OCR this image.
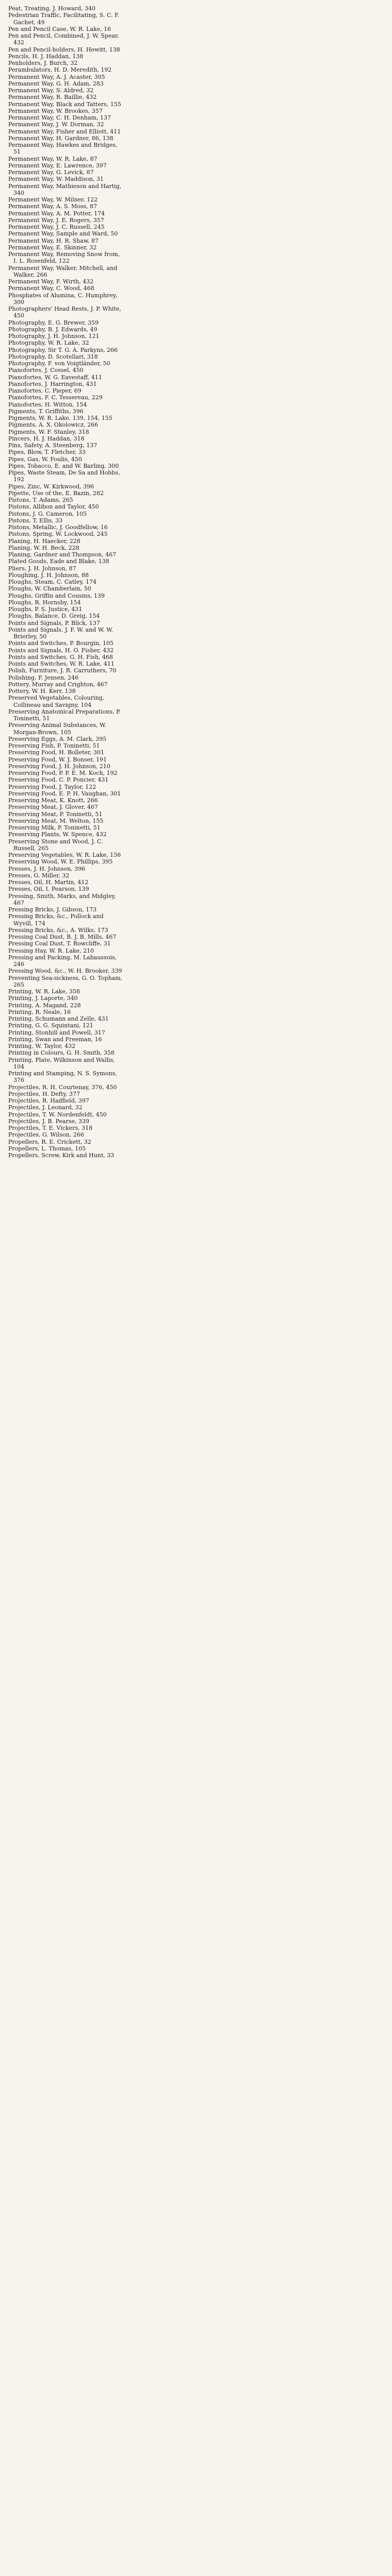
Peat, Treating, J. Howard, 340
Pedestrian Traffic, Facilitating, S. C. F. Gachet, 49
Pen and Pencil Case, W. R. Lake, 16
Pen and Pencil, Combined, J. W. Spear, 432
Pen and Pencil-holders, H. Hewitt, 138
Pencils, H. J. Haddan, 138
Penholders, J. Burch, 32
Perambulators, H. D. Meredith, 192
Permanent Way, A. J. Acaster, 305
Permanent Way, G. H. Adam, 283
Permanent Way, S. Aldred, 32
Permanent Way, R. Baillie, 432
Permanent Way, Black and Tatters, 155
Permanent Way, W. Brookes, 357
Permanent Way, C. H. Denham, 137
Permanent Way, J. W. Dorman, 32
Permanent Way, Fisher and Elliott, 411
Permanent Way, H. Gardner, 86, 138
Permanent Way, Hawkes and Bridges, 51
Permanent Way, W. R. Lake, 87
Permanent Way, E. Lawrence, 397
Permanent Way, G. Levick, 87
Permanent Way, W. Maddison, 31
Permanent Way, Mathieson and Hartig, 340
Permanent Way, W. Milner, 122
Permanent Way, A. S. Moss, 87
Permanent Way, A. M. Potter, 174
Permanent Way, J. E. Rogers, 357
Permanent Way, J. C. Russell, 245
Permanent Way, Sample and Ward, 50
Permanent Way, H. R. Shaw, 87
Permanent Way, E. Skinner, 32
Permanent Way, Removing Snow from, I. L. Rosenfeld, 122
Permanent Way, Walker, Mitchell, and Walker, 266
Permanent Way, F. Wirth, 432
Permanent Way, C. Wood, 468
Phosphates of Alumina, C. Humphrey, 300
Photographers' Head Rests, J. P. White, 450
Photography, E. G. Brewer, 359
Photography, B. J. Edwards, 49
Photography, J. H. Johnson, 121
Photography, W. R. Lake, 32
Photography, Sir T. G. A. Parkyns, 266
Photography, D. Scotellari, 318
Photography, F. von Voigtländer, 50
Pianofortes, J. Cossel, 450
Pianofortes, W. G. Eavestaff, 411
Pianofortes, J. Harrington, 431
Pianofortes, C. Pieper, 69
Pianofortes, F. C. Tessereau, 229
Pianofortes, H. Witton, 154
Pigments, T. Griffiths, 396
Pigments, W. R. Lake, 139, 154, 155
Pigments, A. X. Okolowicz, 266
Pigments, W. F. Stanley, 318
Pincers, H. J. Haddan, 318
Pins, Safety, A. Steenberg, 137
Pipes, Blow, T. Fletcher, 33
Pipes, Gas, W. Foulis, 450
Pipes, Tobacco, E. and W. Barling, 300
Pipes, Waste Steam, De Sa and Hobbs, 192
Pipes, Zinc, W. Kirkwood, 396
Pipette, Use of the, E. Bazin, 282
Pistons, T. Adams, 265
Pistons, Allibon and Taylor, 450
Pistons, J. G. Cameron, 105
Pistons, T. Ellis, 33
Pistons, Metallic, J. Goodfellow, 16
Pistons, Spring, W. Lockwood, 245
Planing, H. Haecker, 228
Planing, W. H. Beck, 228
Planing, Gardner and Thompson, 467
Plated Goods, Eade and Blake, 138
Pliers, J. H. Johnson, 87
Ploughing, J. H. Johnson, 88
Ploughs, Steam, C. Catley, 174
Ploughs, W. Chamberlain, 50
Ploughs, Griffin and Cousins, 139
Ploughs, R. Hornsby, 154
Ploughs, P. S. Justice, 431
Ploughs, Balance, D. Greig, 154
Points and Signals, P. Blick, 137
Points and Signals, J. F. W. and W. W. Brierley, 50
Points and Switches, P. Bourgin, 105
Points and Signals, H. O. Fisher, 432
Points and Switches, G. H. Fish, 468
Points and Switches, W. R. Lake, 411
Polish, Furniture, J. R. Carruthers, 70
Polishing, F. Jensen, 246
Pottery, Murray and Crighton, 467
Pottery, W. H. Kerr, 138
Preserved Vegetables, Colouring, Collineau and Savigny, 104
Preserving Anatomical Preparations, P. Toninetti, 51
Preserving Animal Substances, W. Morgan-Brown, 105
Preserving Eggs, A. M. Clark, 395
Preserving Fish, P. Toninetti, 51
Preserving Food, H. Bolleter, 301
Preserving Food, W. J. Bonser, 191
Preserving Food, J. H. Johnson, 210
Preserving Food, P. P. E. M. Koch, 192
Preserving Food, C. P. Poncier, 431
Preserving Food, J. Taylor, 122
Preserving Food, E. P. H. Vaughan, 301
Preserving Meat, K. Knott, 266
Preserving Meat, J. Glover, 467
Preserving Meat, P. Toninetti, 51
Preserving Meat, M. Welton, 155
Preserving Milk, P. Toninetti, 51
Preserving Plants, W. Spence, 432
Preserving Stone and Wood, J. C. Russell, 265
Preserving Vegetables, W. R. Lake, 156
Preserving Wood, W. E. Phillips, 395
Presses, J. H. Johnson, 396
Presses, G. Miller, 32
Presses, Oil, H. Martin, 412
Presses, Oil, I. Pearson, 139
Pressing, Smith, Marks, and Midgley, 467
Pressing Bricks, J. Gibson, 173
Pressing Bricks, &c., Pollock and Wyvill, 174
Pressing Bricks, &c., A. Wilks, 173
Pressing Coal Dust, B. J. B. Mills, 467
Pressing Coal Dust, T. Rowcliffe, 31
Pressing Hay, W. R. Lake, 210
Pressing and Packing, M. Lahaussois, 246
Pressing Wood, &c., W. H. Brooker, 339
Preventing Sea-sickness, G. O. Topham, 265
Printing, W. R. Lake, 358
Printing, J. Laporte, 340
Printing, A. Magand, 228
Printing, R. Neale, 16
Printing, Schumann and Zelle, 431
Printing, G. G. Squintani, 121
Printing, Stonhill and Powell, 317
Printing, Swan and Freeman, 16
Printing, W. Taylor, 432
Printing in Colours, G. H. Smith, 358
Printing, Plate, Wilkinson and Wallis, 104
Printing and Stamping, N. S. Symons, 376
Projectiles, R. H. Courtenay, 376, 450
Projectiles, H. Defty, 377
Projectiles, R. Hadfield, 397
Projectiles, J. Leonard, 32
Projectiles, T. W. Nordenfeldt, 450
Projectiles, J. B. Pearse, 339
Projectiles, T. E. Vickers, 318
Projectiles, G. Wilson, 266
Propellers, R. E. Crickett, 32
Propellers, L. Thomas, 105
Propellers, Screw, Kirk and Hunt, 33
